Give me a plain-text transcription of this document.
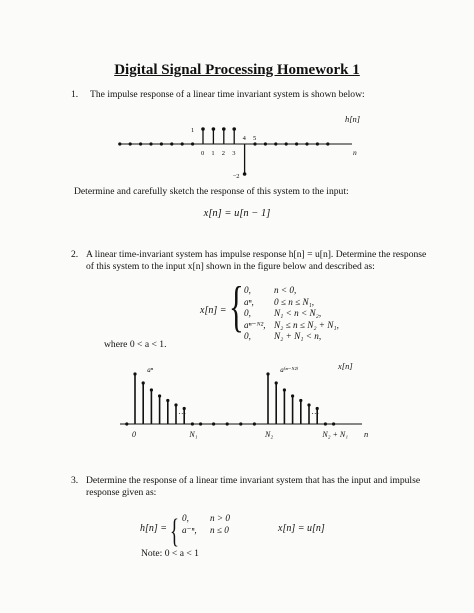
Digital Signal Processing Homework 1
1. The impulse response of a linear time invariant system is shown below:
h[n]
n
0 1 2 3
4 5
1
−2
Determine and carefully sketch the response of this system to the input:
x[n] = u[n − 1]
2. A linear time-invariant system has impulse response h[n] = u[n]. Determine the response
of this system to the input x[n] shown in the figure below and described as:
x[n] = { 0,	n < 0,
aⁿ, 0 ≤ n ≤ N₁,
0,	N₁ < n < N₂,
aⁿ⁻ᴺ², N₂ ≤ n ≤ N₂ + N₁,
0,	N₂ + N₁ < n,
where 0 < a < 1.
x[n]
n
0	N₁	N₂	N₂ + N₁
aⁿ	a⁽ⁿ⁻ᴺ²⁾
…	…
3. Determine the response of a linear time invariant system that has the input and impulse
response given as:
h[n] = { 0, n > 0
a⁻ⁿ, n ≤ 0	x[n] = u[n]
Note: 0 < a < 1
